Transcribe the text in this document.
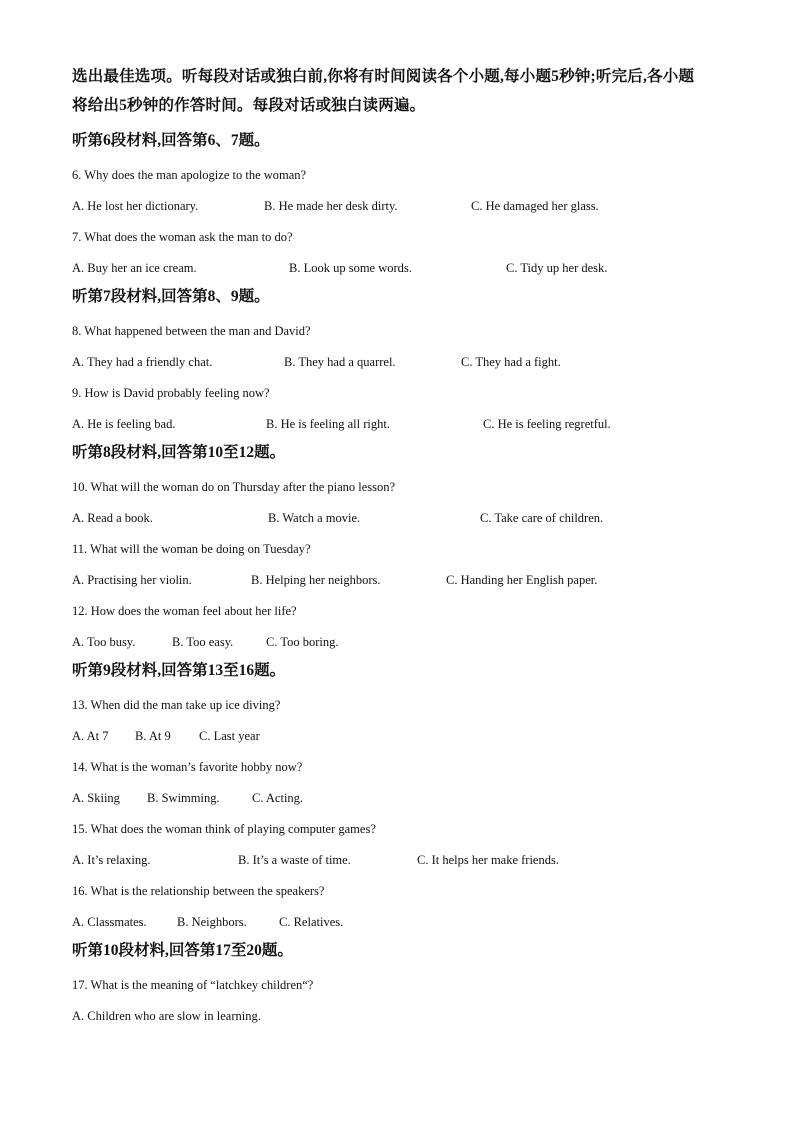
选出最佳选项。听每段对话或独白前,你将有时间阅读各个小题,每小题5秒钟;听完后,各小题
将给出5秒钟的作答时间。每段对话或独白读两遍。

听第6段材料,回答第6、7题。
6. Why does the man apologize to the woman?
A. He lost her dictionary.	B. He made her desk dirty.	C. He damaged her glass.
7. What does the woman ask the man to do?
A. Buy her an ice cream.	B. Look up some words.	C. Tidy up her desk.
听第7段材料,回答第8、9题。
8. What happened between the man and David?
A. They had a friendly chat.	B. They had a quarrel.	C. They had a fight.
9. How is David probably feeling now?
A. He is feeling bad.	B. He is feeling all right.	C. He is feeling regretful.
听第8段材料,回答第10至12题。
10. What will the woman do on Thursday after the piano lesson?
A. Read a book.	B. Watch a movie.	C. Take care of children.
11. What will the woman be doing on Tuesday?
A. Practising her violin.	B. Helping her neighbors.	C. Handing her English paper.
12. How does the woman feel about her life?
A. Too busy.	B. Too easy.	C. Too boring.
听第9段材料,回答第13至16题。
13. When did the man take up ice diving?
A. At 7 B. At 9 C. Last year
14. What is the woman’s favorite hobby now?
A. Skiing B. Swimming.	C. Acting.
15. What does the woman think of playing computer games?
A. It’s relaxing.	B. It’s a waste of time.	C. It helps her make friends.
16. What is the relationship between the speakers?
A. Classmates. B. Neighbors.	C. Relatives.
听第10段材料,回答第17至20题。
17. What is the meaning of “latchkey children“?
A. Children who are slow in learning.
